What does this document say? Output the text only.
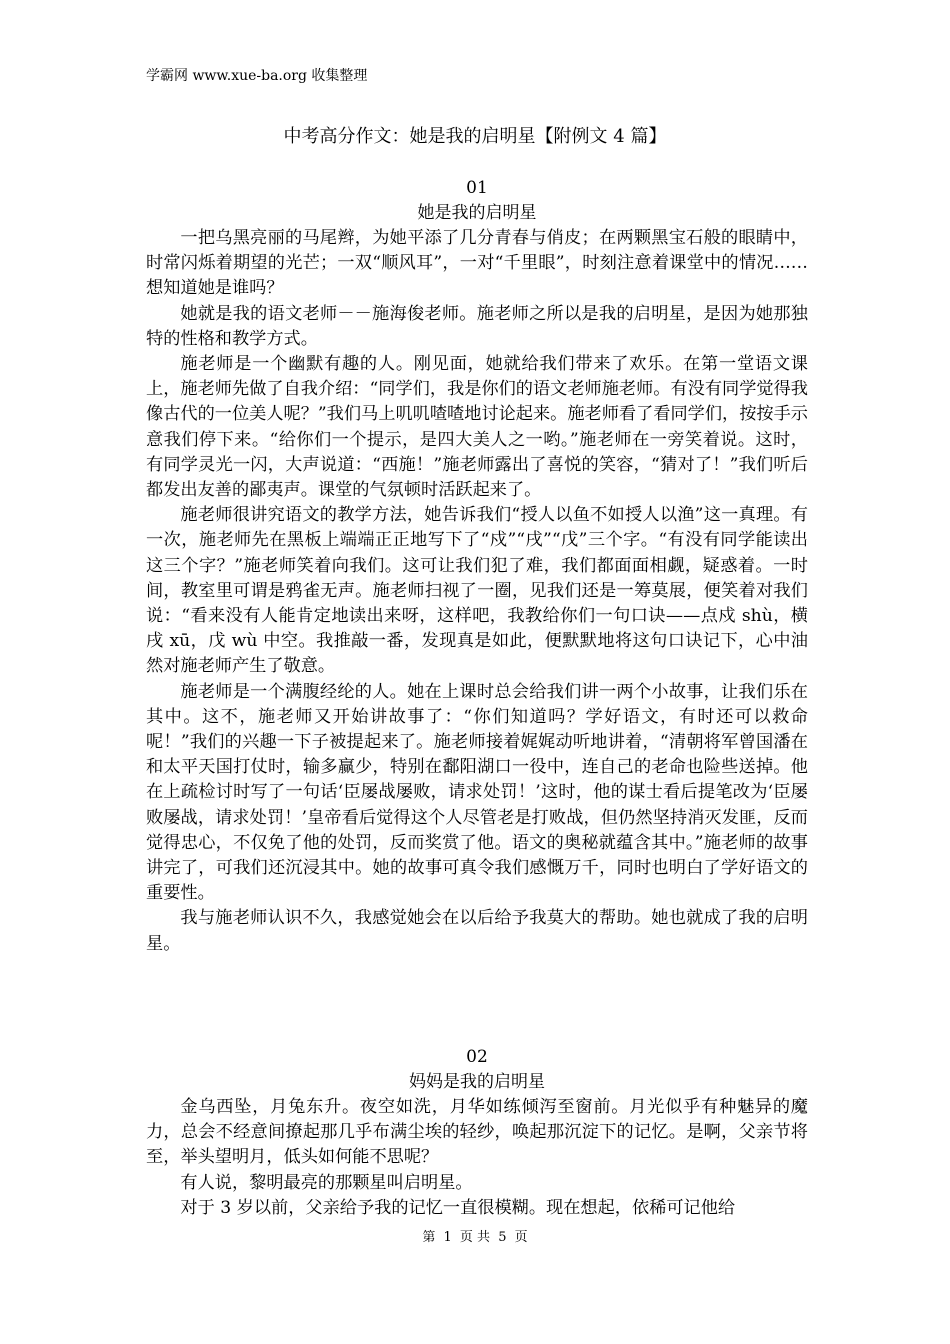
学霸网 www.xue-ba.org 收集整理
中考高分作文：她是我的启明星【附例文 4 篇】
01
她是我的启明星

一把乌黑亮丽的马尾辫，为她平添了几分青春与俏皮；在两颗黑宝石般的眼睛中，时常闪烁着期望的光芒；一双“顺风耳”，一对“千里眼”，时刻注意着课堂中的情况……想知道她是谁吗？

她就是我的语文老师－－施海俊老师。施老师之所以是我的启明星，是因为她那独特的性格和教学方式。

施老师是一个幽默有趣的人。刚见面，她就给我们带来了欢乐。在第一堂语文课上，施老师先做了自我介绍：“同学们，我是你们的语文老师施老师。有没有同学觉得我像古代的一位美人呢？”我们马上叽叽喳喳地讨论起来。施老师看了看同学们，按按手示意我们停下来。“给你们一个提示，是四大美人之一哟。”施老师在一旁笑着说。这时，有同学灵光一闪，大声说道：“西施！”施老师露出了喜悦的笑容，“猜对了！”我们听后都发出友善的鄙夷声。课堂的气氛顿时活跃起来了。

施老师很讲究语文的教学方法，她告诉我们“授人以鱼不如授人以渔”这一真理。有一次，施老师先在黑板上端端正正地写下了“戍”“戌”“戊”三个字。“有没有同学能读出这三个字？”施老师笑着向我们。这可让我们犯了难，我们都面面相觑，疑惑着。一时间，教室里可谓是鸦雀无声。施老师扫视了一圈，见我们还是一筹莫展，便笑着对我们说：“看来没有人能肯定地读出来呀，这样吧，我教给你们一句口诀——点戍 shù，横戌 xū，戊 wù 中空。我推敲一番，发现真是如此，便默默地将这句口诀记下，心中油然对施老师产生了敬意。

施老师是一个满腹经纶的人。她在上课时总会给我们讲一两个小故事，让我们乐在其中。这不，施老师又开始讲故事了：“你们知道吗？学好语文，有时还可以救命呢！”我们的兴趣一下子被提起来了。施老师接着娓娓动听地讲着，“清朝将军曾国潘在和太平天国打仗时，输多赢少，特别在鄱阳湖口一役中，连自己的老命也险些送掉。他在上疏检讨时写了一句话‘臣屡战屡败，请求处罚！’这时，他的谋士看后提笔改为‘臣屡败屡战，请求处罚！’皇帝看后觉得这个人尽管老是打败战，但仍然坚持消灭发匪，反而觉得忠心，不仅免了他的处罚，反而奖赏了他。语文的奥秘就蕴含其中。”施老师的故事讲完了，可我们还沉浸其中。她的故事可真令我们感慨万千，同时也明白了学好语文的重要性。

我与施老师认识不久，我感觉她会在以后给予我莫大的帮助。她也就成了我的启明星。

02
妈妈是我的启明星

金乌西坠，月兔东升。夜空如洗，月华如练倾泻至窗前。月光似乎有种魅异的魔力，总会不经意间撩起那几乎布满尘埃的轻纱，唤起那沉淀下的记忆。是啊，父亲节将至，举头望明月，低头如何能不思呢？

有人说，黎明最亮的那颗星叫启明星。

对于 3 岁以前，父亲给予我的记忆一直很模糊。现在想起，依稀可记他给

第 1 页 共 5 页
